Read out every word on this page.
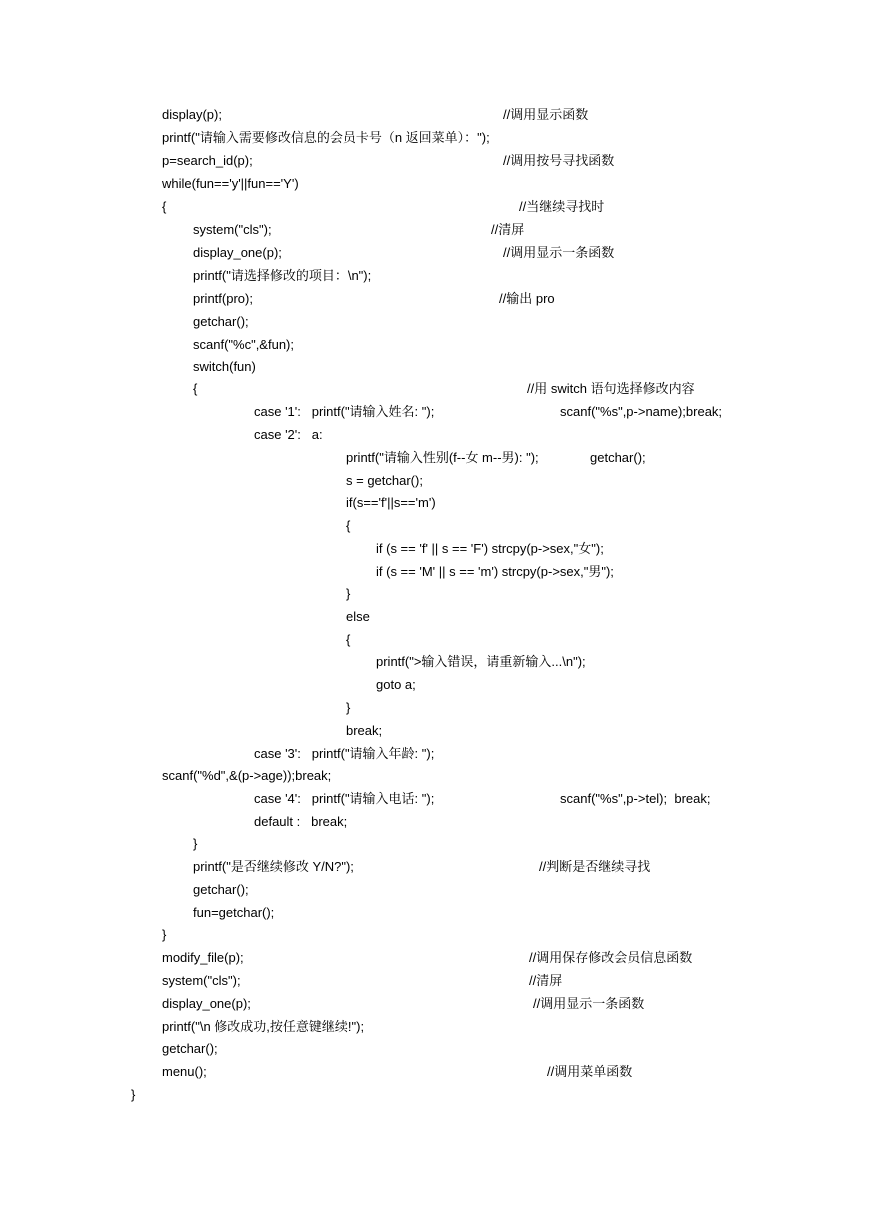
display(p);	//调用显示函数
printf("请输入需要修改信息的会员卡号（n 返回菜单）：");
p=search_id(p);	//调用按号寻找函数
while(fun=='y'||fun=='Y')
{	//当继续寻找时
system("cls");	//清屏
display_one(p);	//调用显示一条函数
printf("请选择修改的项目：\n");
printf(pro);	//输出 pro
getchar();
scanf("%c",&fun);
switch(fun)
{	//用 switch 语句选择修改内容
case '1':   printf("请输入姓名: ");	scanf("%s",p->name);break;
case '2':   a:
printf("请输入性别(f--女 m--男): ");	getchar();
s = getchar();
if(s=='f'||s=='m')
{
if (s == 'f' || s == 'F') strcpy(p->sex,"女");
if (s == 'M' || s == 'm') strcpy(p->sex,"男");
}
else
{
printf(">输入错误，请重新输入...\n");
goto a;
}
break;
case '3':   printf("请输入年龄: ");
scanf("%d",&(p->age));break;
case '4':   printf("请输入电话: ");	scanf("%s",p->tel);  break;
default :   break;
}
printf("是否继续修改 Y/N?");	//判断是否继续寻找
getchar();
fun=getchar();
}
modify_file(p);	//调用保存修改会员信息函数
system("cls");	//清屏
display_one(p);	//调用显示一条函数
printf("\n 修改成功,按任意键继续!");
getchar();
menu();	//调用菜单函数
}
